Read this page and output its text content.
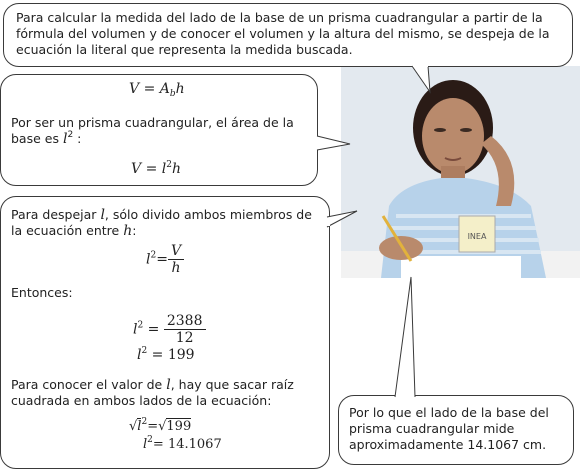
INEA
Para calcular la medida del lado de la base de un prisma cuadrangular a partir de la fórmula del volumen y de conocer el volumen y la altura del mismo, se despeja de la ecuación la literal que representa la medida buscada.
$V = A_bh$
Por ser un prisma cuadrangular, el área de la base es $l^2$ :
$V = l^2h$
Para despejar l, sólo divido ambos miembros de la ecuación entre h:
$l^2= \frac{V}{h}$
Entonces:
$l^2 = \frac{2388}{12}$
$l^2 = 199$
Para conocer el valor de l, hay que sacar raíz cuadrada en ambos lados de la ecuación:
$√l^2=√199$
$l^2= 14.1067$
Por lo que el lado de la base del prisma cuadrangular mide aproximadamente 14.1067 cm.
